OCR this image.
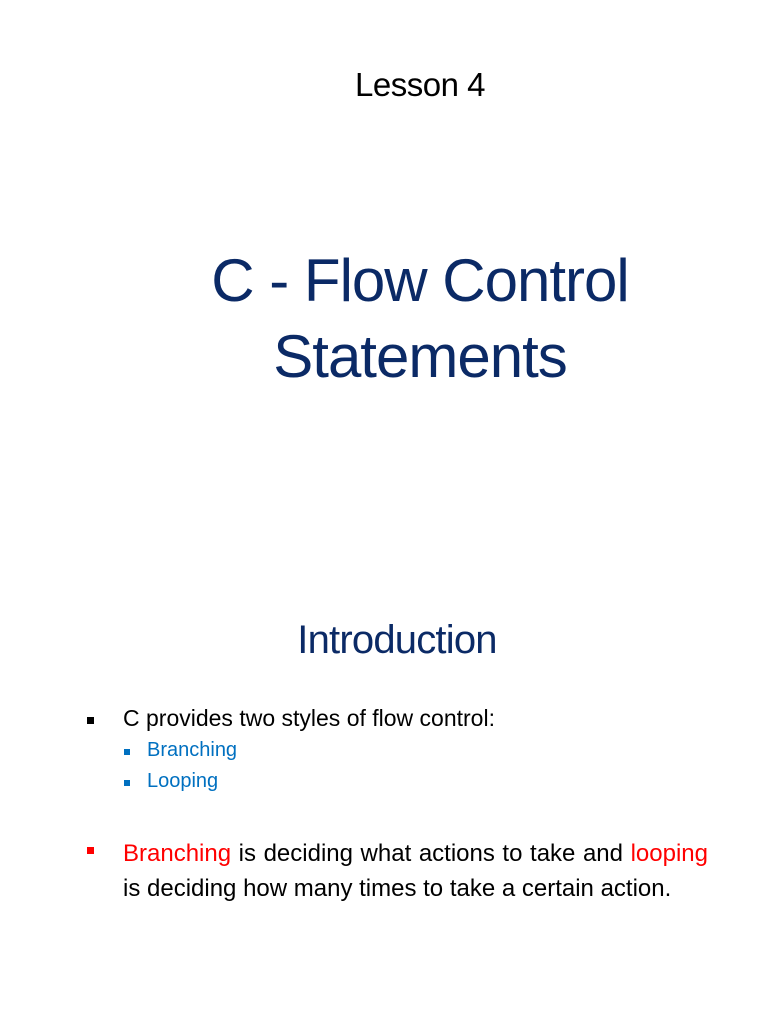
Lesson 4
C - Flow Control
Statements
Introduction
C provides two styles of flow control:
Branching
Looping
Branching is deciding what actions to take and looping is deciding how many times to take a certain action.
